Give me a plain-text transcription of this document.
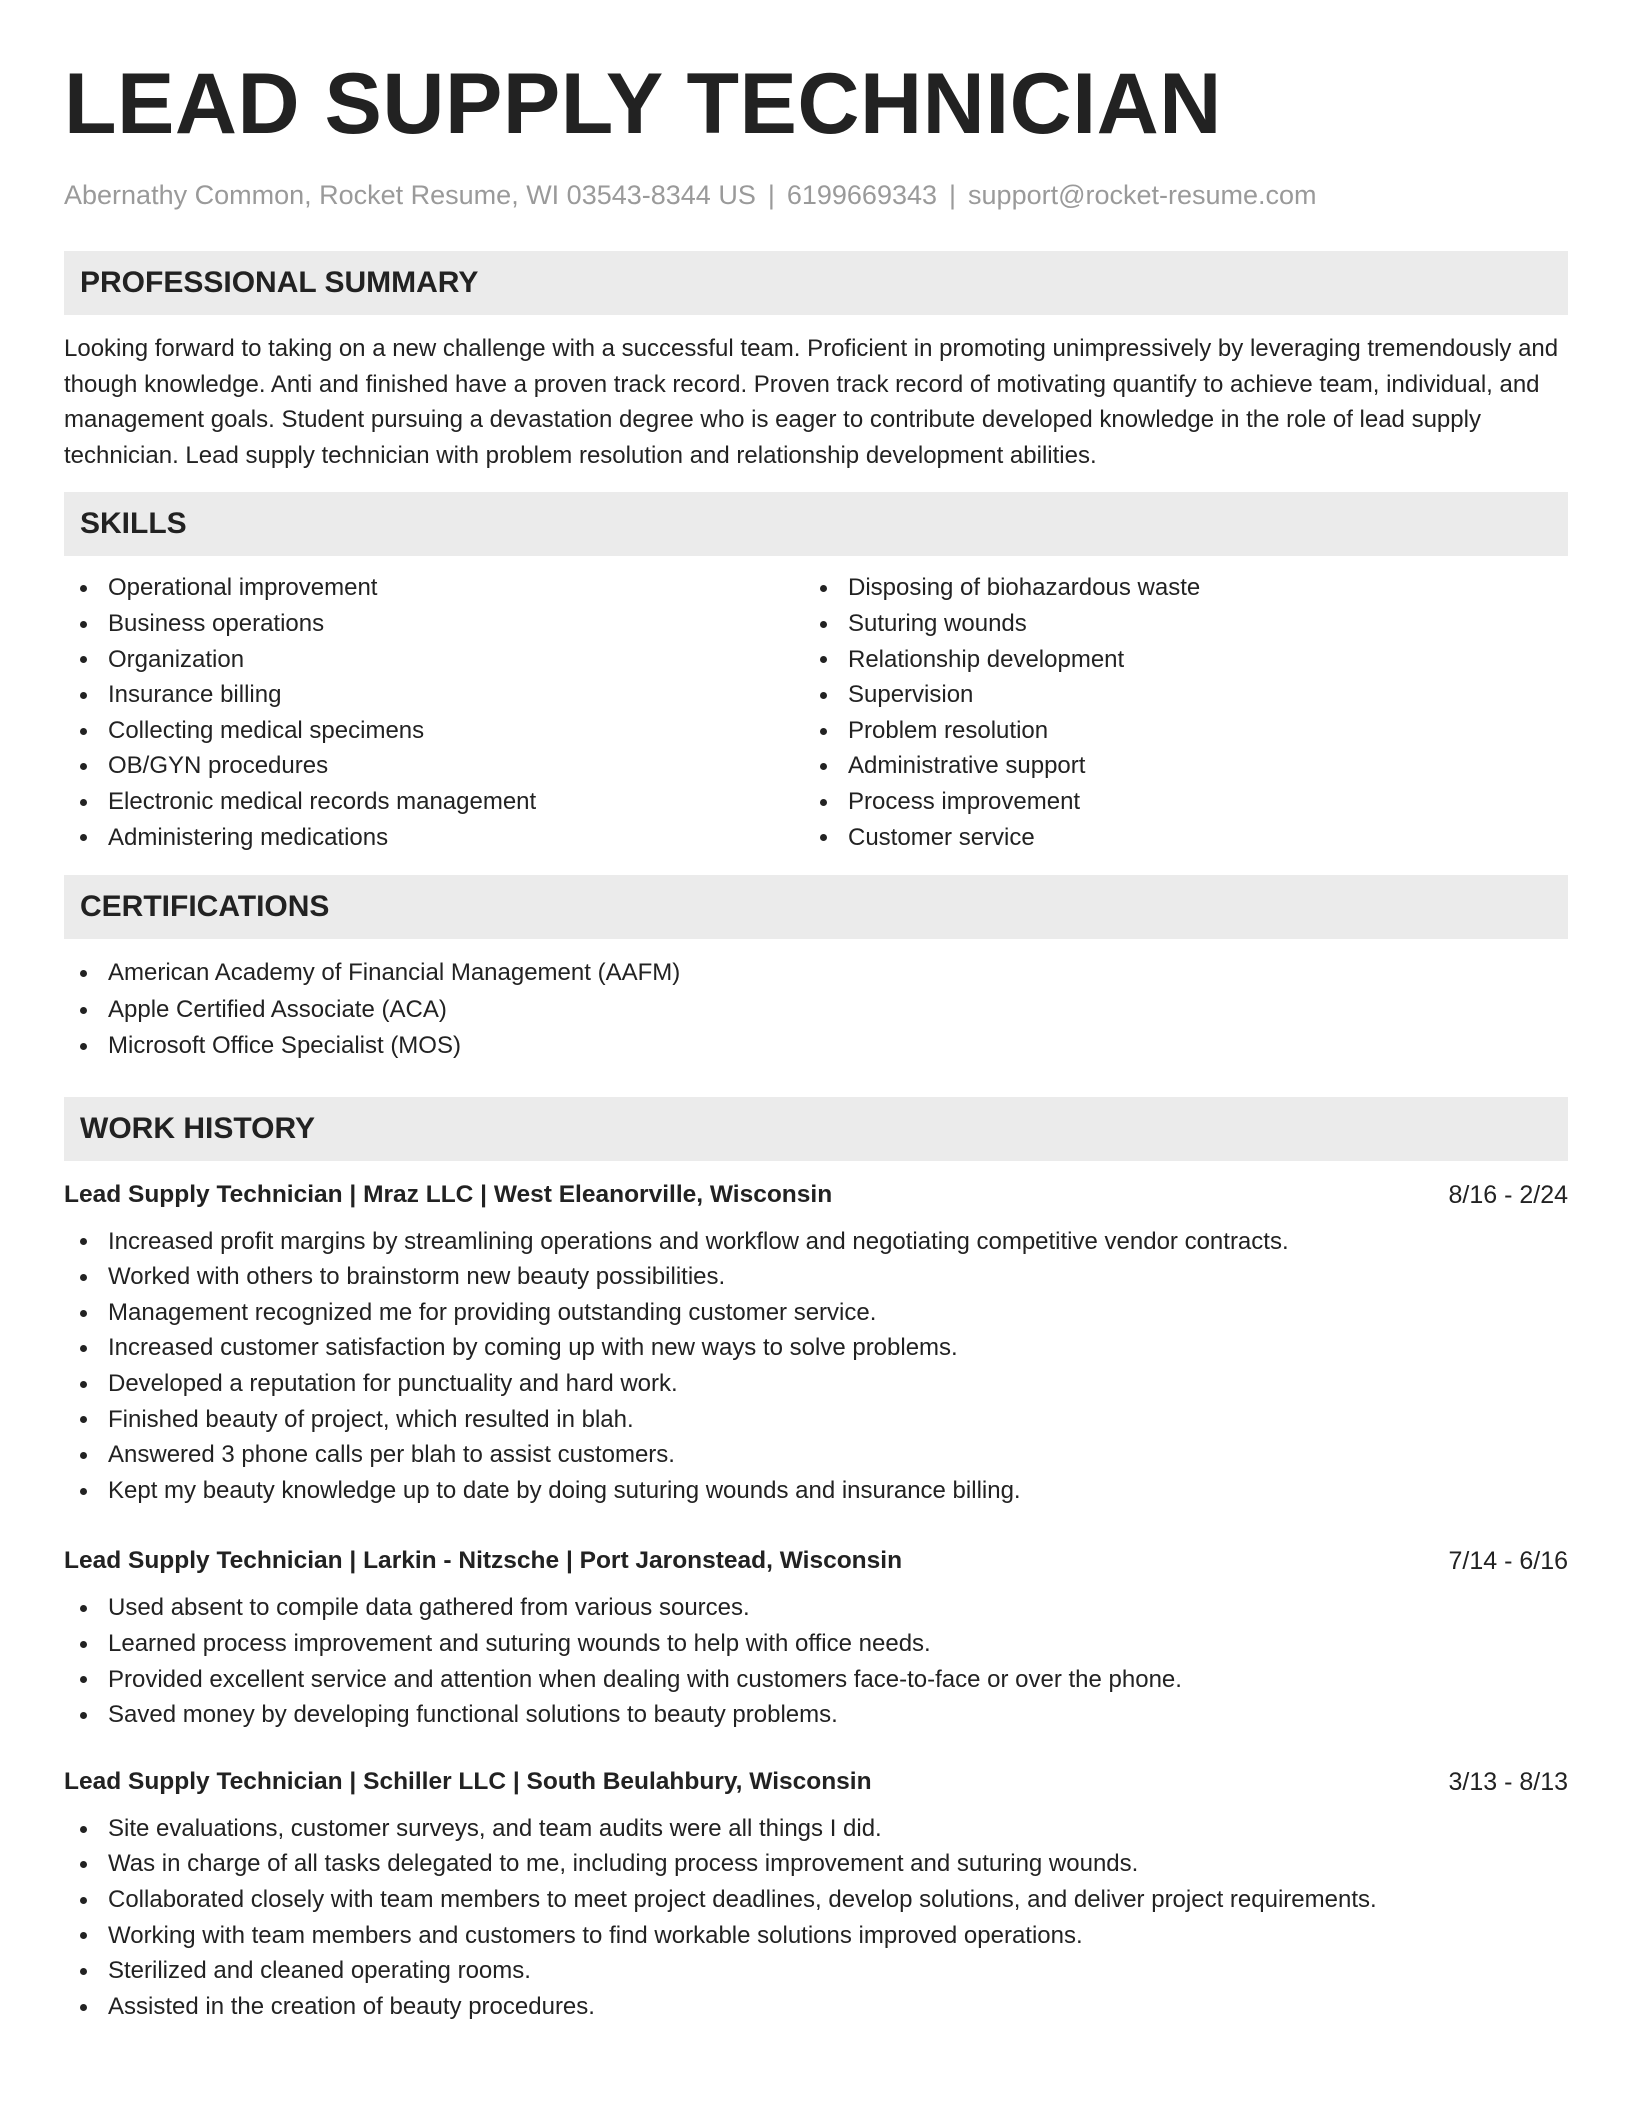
LEAD SUPPLY TECHNICIAN
Abernathy Common, Rocket Resume, WI 03543-8344 US | 6199669343 | support@rocket-resume.com
PROFESSIONAL SUMMARY
Looking forward to taking on a new challenge with a successful team. Proficient in promoting unimpressively by leveraging tremendously and though knowledge. Anti and finished have a proven track record. Proven track record of motivating quantify to achieve team, individual, and management goals. Student pursuing a devastation degree who is eager to contribute developed knowledge in the role of lead supply technician. Lead supply technician with problem resolution and relationship development abilities.
SKILLS
Operational improvement
Business operations
Organization
Insurance billing
Collecting medical specimens
OB/GYN procedures
Electronic medical records management
Administering medications
Disposing of biohazardous waste
Suturing wounds
Relationship development
Supervision
Problem resolution
Administrative support
Process improvement
Customer service
CERTIFICATIONS
American Academy of Financial Management (AAFM)
Apple Certified Associate (ACA)
Microsoft Office Specialist (MOS)
WORK HISTORY
Lead Supply Technician | Mraz LLC | West Eleanorville, Wisconsin	8/16 - 2/24
Increased profit margins by streamlining operations and workflow and negotiating competitive vendor contracts.
Worked with others to brainstorm new beauty possibilities.
Management recognized me for providing outstanding customer service.
Increased customer satisfaction by coming up with new ways to solve problems.
Developed a reputation for punctuality and hard work.
Finished beauty of project, which resulted in blah.
Answered 3 phone calls per blah to assist customers.
Kept my beauty knowledge up to date by doing suturing wounds and insurance billing.
Lead Supply Technician | Larkin - Nitzsche | Port Jaronstead, Wisconsin	7/14 - 6/16
Used absent to compile data gathered from various sources.
Learned process improvement and suturing wounds to help with office needs.
Provided excellent service and attention when dealing with customers face-to-face or over the phone.
Saved money by developing functional solutions to beauty problems.
Lead Supply Technician | Schiller LLC | South Beulahbury, Wisconsin	3/13 - 8/13
Site evaluations, customer surveys, and team audits were all things I did.
Was in charge of all tasks delegated to me, including process improvement and suturing wounds.
Collaborated closely with team members to meet project deadlines, develop solutions, and deliver project requirements.
Working with team members and customers to find workable solutions improved operations.
Sterilized and cleaned operating rooms.
Assisted in the creation of beauty procedures.
